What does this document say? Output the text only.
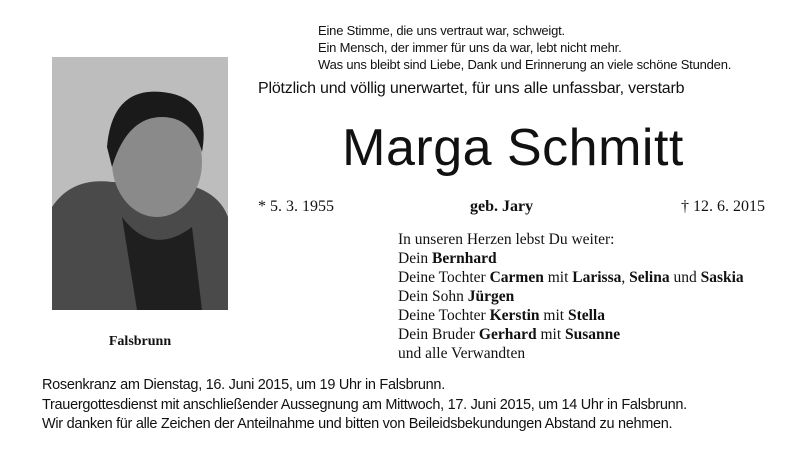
Eine Stimme, die uns vertraut war, schweigt.
Ein Mensch, der immer für uns da war, lebt nicht mehr.
Was uns bleibt sind Liebe, Dank und Erinnerung an viele schöne Stunden.
Plötzlich und völlig unerwartet, für uns alle unfassbar, verstarb
Marga Schmitt
* 5. 3. 1955	geb. Jary	† 12. 6. 2015
In unseren Herzen lebst Du weiter:
Dein Bernhard
Deine Tochter Carmen mit Larissa, Selina und Saskia
Dein Sohn Jürgen
Deine Tochter Kerstin mit Stella
Dein Bruder Gerhard mit Susanne
und alle Verwandten
Falsbrunn
Rosenkranz am Dienstag, 16. Juni 2015, um 19 Uhr in Falsbrunn.
Trauergottesdienst mit anschließender Aussegnung am Mittwoch, 17. Juni 2015, um 14 Uhr in Falsbrunn.
Wir danken für alle Zeichen der Anteilnahme und bitten von Beileidsbekundungen Abstand zu nehmen.
